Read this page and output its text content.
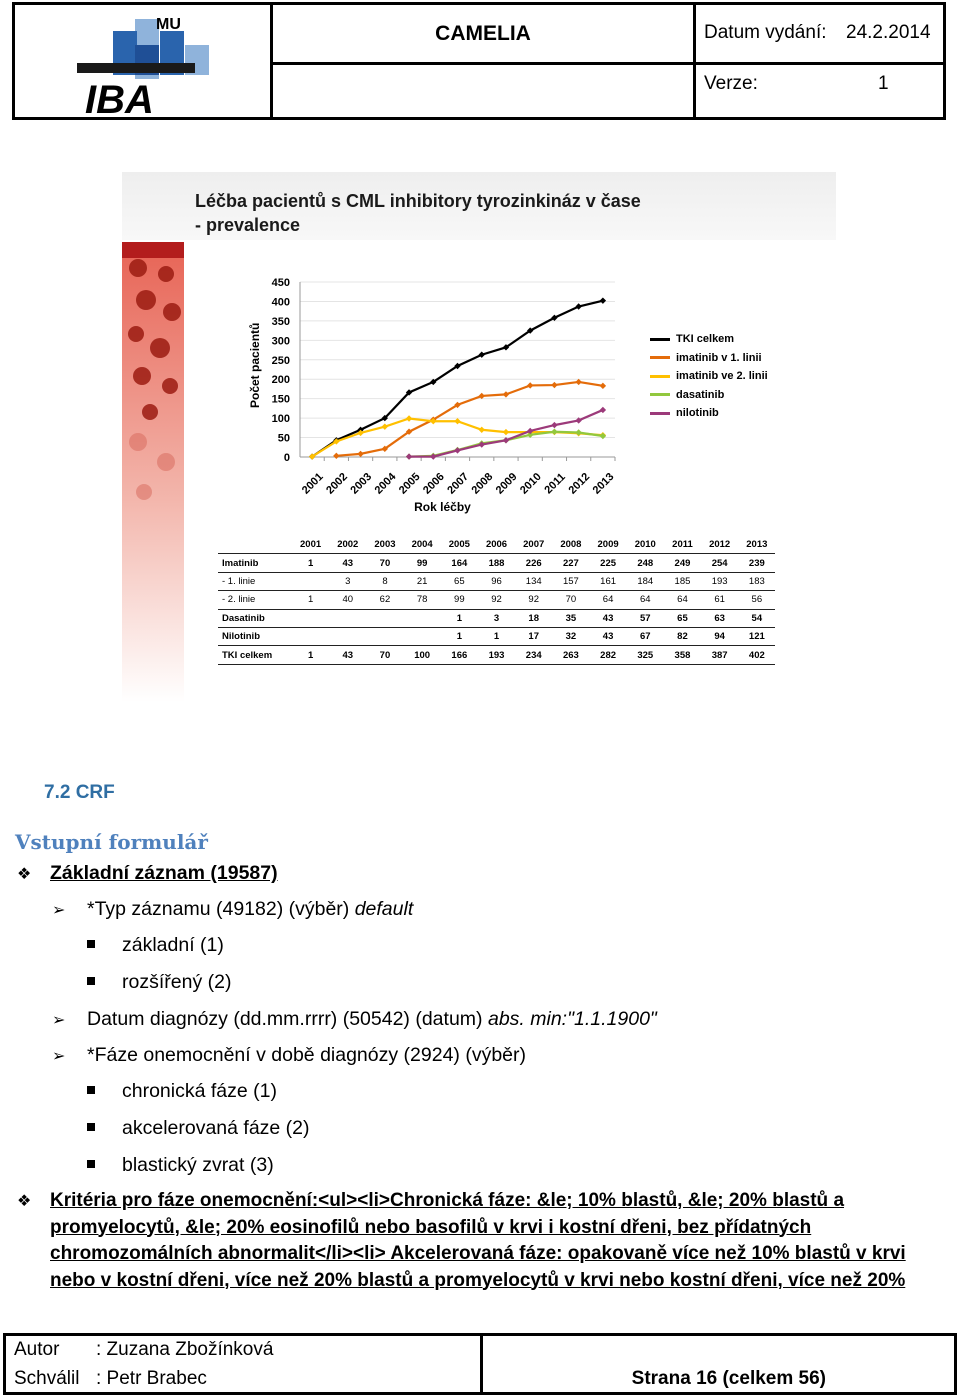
MU
IBA
CAMELIA	Datum vydání: 24.2.2014
Verze:	1
Léčba pacientů s CML inhibitory tyrozinkináz v čase
- prevalence
Počet pacientů
0
50
100
150
200
250
300
350
400
450
2001
2002
2003
2004
2005
2006
2007
2008
2009
2010
2011
2012
2013
Rok léčby
TKI celkem
imatinib v 1. linii
imatinib ve 2. linii
dasatinib
nilotinib
	2001	2002	2003	2004	2005	2006	2007	2008	2009	2010	2011	2012	2013
Imatinib	1	43	70	99	164	188	226	227	225	248	249	254	239
- 1. linie		3	8	21	65	96	134	157	161	184	185	193	183
- 2. linie	1	40	62	78	99	92	92	70	64	64	64	61	56
Dasatinib					1	3	18	35	43	57	65	63	54
Nilotinib					1	1	17	32	43	67	82	94	121
TKI celkem	1	43	70	100	166	193	234	263	282	325	358	387	402
7.2 CRF
Vstupní formulář
❖ Základní záznam (19587)
➢ *Typ záznamu (49182) (výběr) default
základní (1)
rozšířený (2)
➢ Datum diagnózy (dd.mm.rrrr) (50542) (datum) abs. min:"1.1.1900"
➢ *Fáze onemocnění v době diagnózy (2924) (výběr)
chronická fáze (1)
akcelerovaná fáze (2)
blastický zvrat (3)
❖ Kritéria pro fáze onemocnění:<ul><li>Chronická fáze: &le; 10% blastů, &le; 20% blastů a promyelocytů, &le; 20% eosinofilů nebo basofilů v krvi i kostní dřeni, bez přídatných chromozomálních abnormalit</li><li> Akcelerovaná fáze: opakovaně více než 10% blastů v krvi nebo v kostní dřeni, více než 20% blastů a promyelocytů v krvi nebo kostní dřeni, více než 20%
Autor : Zuzana Zbožínková
Schválil : Petr Brabec	Strana 16 (celkem 56)
